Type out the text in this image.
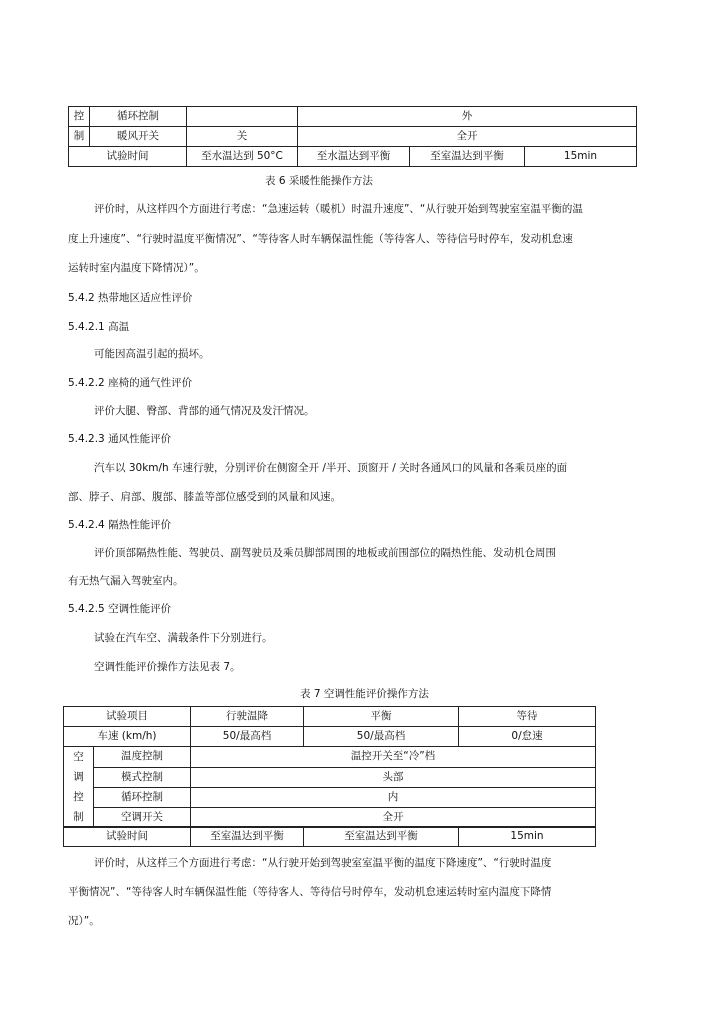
控	循环控制		外
制	暖风开关	关	全开
试验时间	至水温达到 50°C	至水温达到平衡	至室温达到平衡	15min
表 6 采暖性能操作方法
评价时，从这样四个方面进行考虑：“急速运转（暖机）时温升速度”、“从行驶开始到驾驶室室温平衡的温
度上升速度”、“行驶时温度平衡情况”、“等待客人时车辆保温性能（等待客人、等待信号时停车，发动机怠速
运转时室内温度下降情况）”。
5.4.2 热带地区适应性评价
5.4.2.1 高温
可能因高温引起的损坏。
5.4.2.2 座椅的通气性评价
评价大腿、臀部、背部的通气情况及发汗情况。
5.4.2.3 通风性能评价
汽车以 30km/h 车速行驶，分别评价在侧窗全开 /半开、顶窗开 / 关时各通风口的风量和各乘员座的面
部、脖子、肩部、腹部、膝盖等部位感受到的风量和风速。
5.4.2.4 隔热性能评价
评价顶部隔热性能、驾驶员、副驾驶员及乘员脚部周围的地板或前围部位的隔热性能、发动机仓周围
有无热气漏入驾驶室内。
5.4.2.5 空调性能评价
试验在汽车空、满载条件下分别进行。
空调性能评价操作方法见表 7。
表 7 空调性能评价操作方法
试验项目	行驶温降	平衡	等待
车速 (km/h)	50/最高档	50/最高档	0/怠速
空	温度控制	温控开关至“冷”档
调	模式控制	头部
控	循环控制	内
制	空调开关	全开
试验时间	至室温达到平衡	至室温达到平衡	15min
评价时，从这样三个方面进行考虑：“从行驶开始到驾驶室室温平衡的温度下降速度”、“行驶时温度
平衡情况”、“等待客人时车辆保温性能（等待客人、等待信号时停车，发动机怠速运转时室内温度下降情
况）”。
